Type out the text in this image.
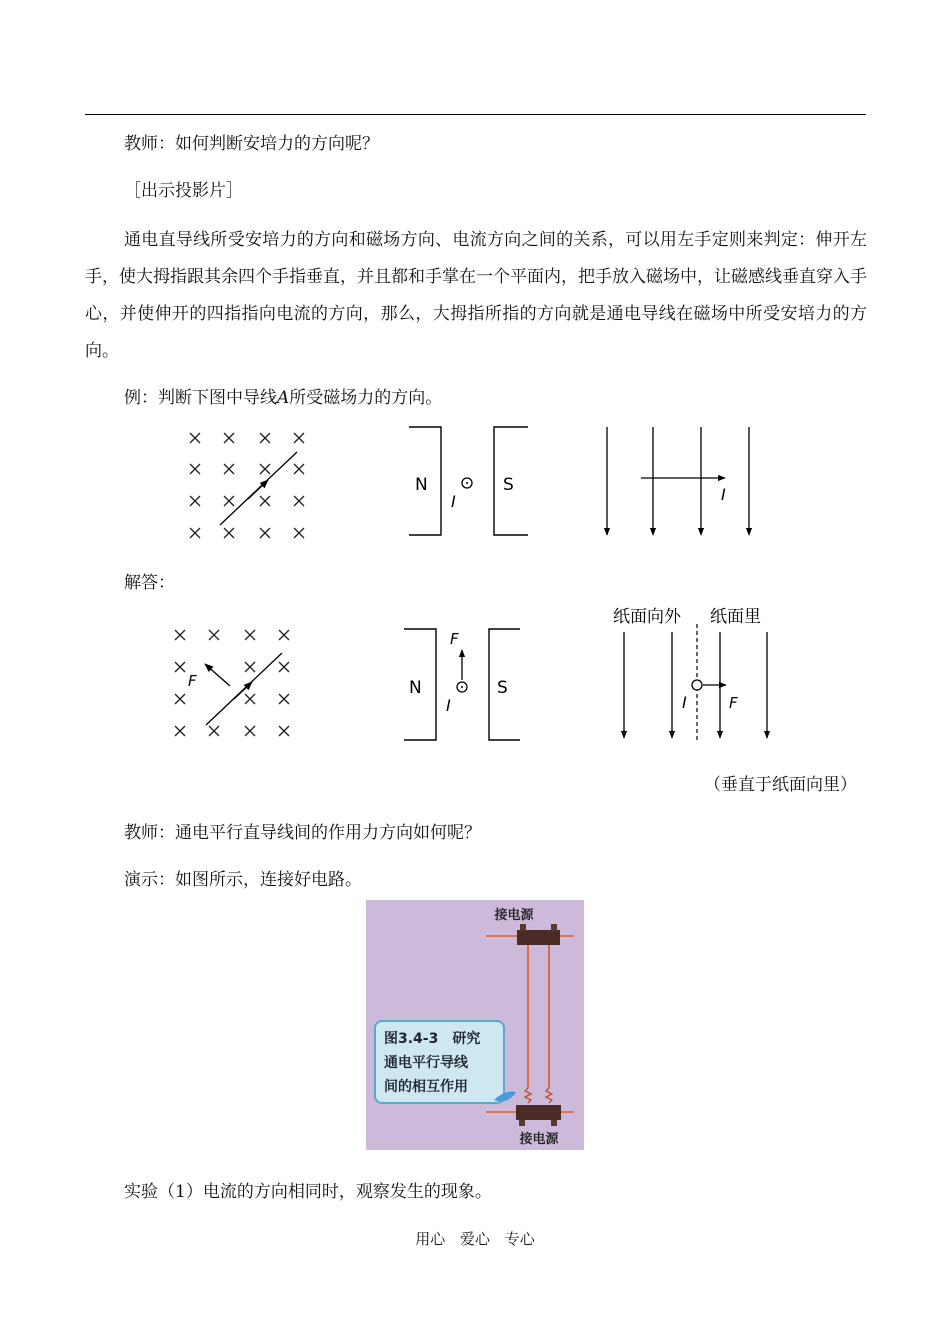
教师：如何判断安培力的方向呢？
［出示投影片］
通电直导线所受安培力的方向和磁场方向、电流方向之间的关系，可以用左手定则来判定：伸开左手，使大拇指跟其余四个手指垂直，并且都和手掌在一个平面内，把手放入磁场中，让磁感线垂直穿入手心，并使伸开的四指指向电流的方向，那么，大拇指所指的方向就是通电导线在磁场中所受安培力的方向。
例：判断下图中导线A所受磁场力的方向。
N	S
I	I
解答：
F	N	S
F
I
纸面向外 纸面里
I	F
（垂直于纸面向里）
教师：通电平行直导线间的作用力方向如何呢？
演示：如图所示，连接好电路。
接电源
图3.4-3　研究
通电平行导线
间的相互作用
接电源
实验（1）电流的方向相同时，观察发生的现象。
用心 爱心 专心
